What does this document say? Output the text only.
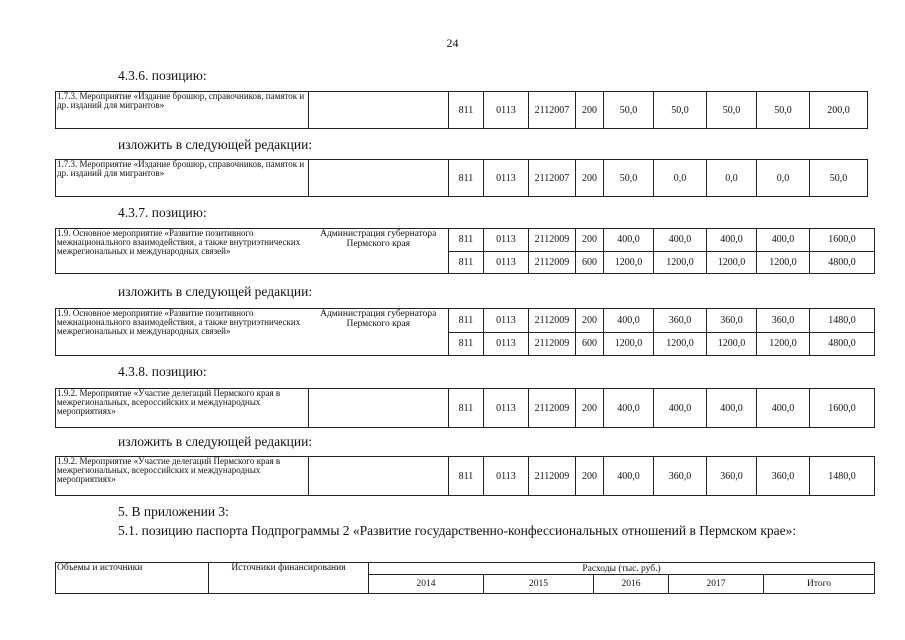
24
4.3.6. позицию:
1.7.3. Мероприятие «Издание брошюр, справочников, памяток и др. изданий для мигрантов»		811	0113	2112007	200	50,0	50,0	50,0	50,0	200,0
изложить в следующей редакции:
1.7.3. Мероприятие «Издание брошюр, справочников, памяток и др. изданий для мигрантов»		811	0113	2112007	200	50,0	0,0	0,0	0,0	50,0
4.3.7. позицию:
1.9. Основное мероприятие «Развитие позитивного межнационального взаимодействия, а также внутриэтнических межрегиональных и международных связей»	Администрация губернатора Пермского края	811	0113	2112009	200	400,0	400,0	400,0	400,0	1600,0
		811	0113	2112009	600	1200,0	1200,0	1200,0	1200,0	4800,0
изложить в следующей редакции:
1.9. Основное мероприятие «Развитие позитивного межнационального взаимодействия, а также внутриэтнических межрегиональных и международных связей»	Администрация губернатора Пермского края	811	0113	2112009	200	400,0	360,0	360,0	360,0	1480,0
		811	0113	2112009	600	1200,0	1200,0	1200,0	1200,0	4800,0
4.3.8. позицию:
1.9.2. Мероприятие «Участие делегаций Пермского края в межрегиональных, всероссийских и международных мероприятиях»		811	0113	2112009	200	400,0	400,0	400,0	400,0	1600,0
изложить в следующей редакции:
1.9.2. Мероприятие «Участие делегаций Пермского края в межрегиональных, всероссийских и международных мероприятиях»		811	0113	2112009	200	400,0	360,0	360,0	360,0	1480,0
5. В приложении 3:
5.1. позицию паспорта Подпрограммы 2 «Развитие государственно-конфессиональных отношений в Пермском крае»:
Объемы и источники	Источники финансирования	Расходы (тыс. руб.)				
		2014	2015	2016	2017	Итого
